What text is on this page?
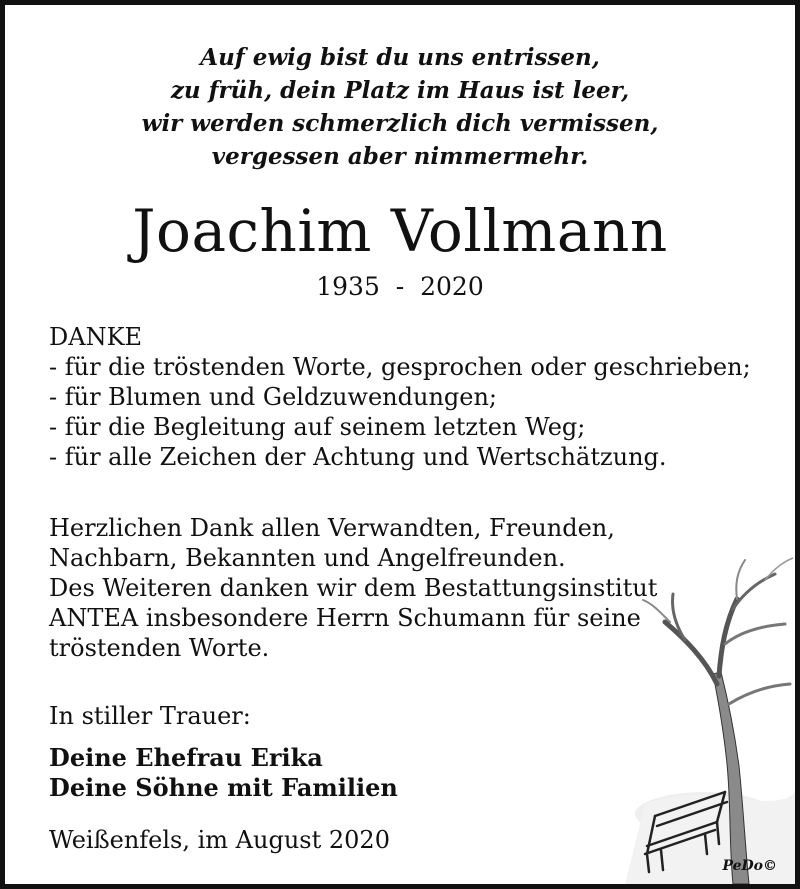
Auf ewig bist du uns entrissen,
zu früh, dein Platz im Haus ist leer,
wir werden schmerzlich dich vermissen,
vergessen aber nimmermehr.
Joachim Vollmann
1935  -  2020
DANKE
- für die tröstenden Worte, gesprochen oder geschrieben;
- für Blumen und Geldzuwendungen;
- für die Begleitung auf seinem letzten Weg;
- für alle Zeichen der Achtung und Wertschätzung.
Herzlichen Dank allen Verwandten, Freunden,
Nachbarn, Bekannten und Angelfreunden.
Des Weiteren danken wir dem Bestattungsinstitut
ANTEA insbesondere Herrn Schumann für seine
tröstenden Worte.
In stiller Trauer:
Deine Ehefrau Erika
Deine Söhne mit Familien
Weißenfels, im August 2020
PeDo©
